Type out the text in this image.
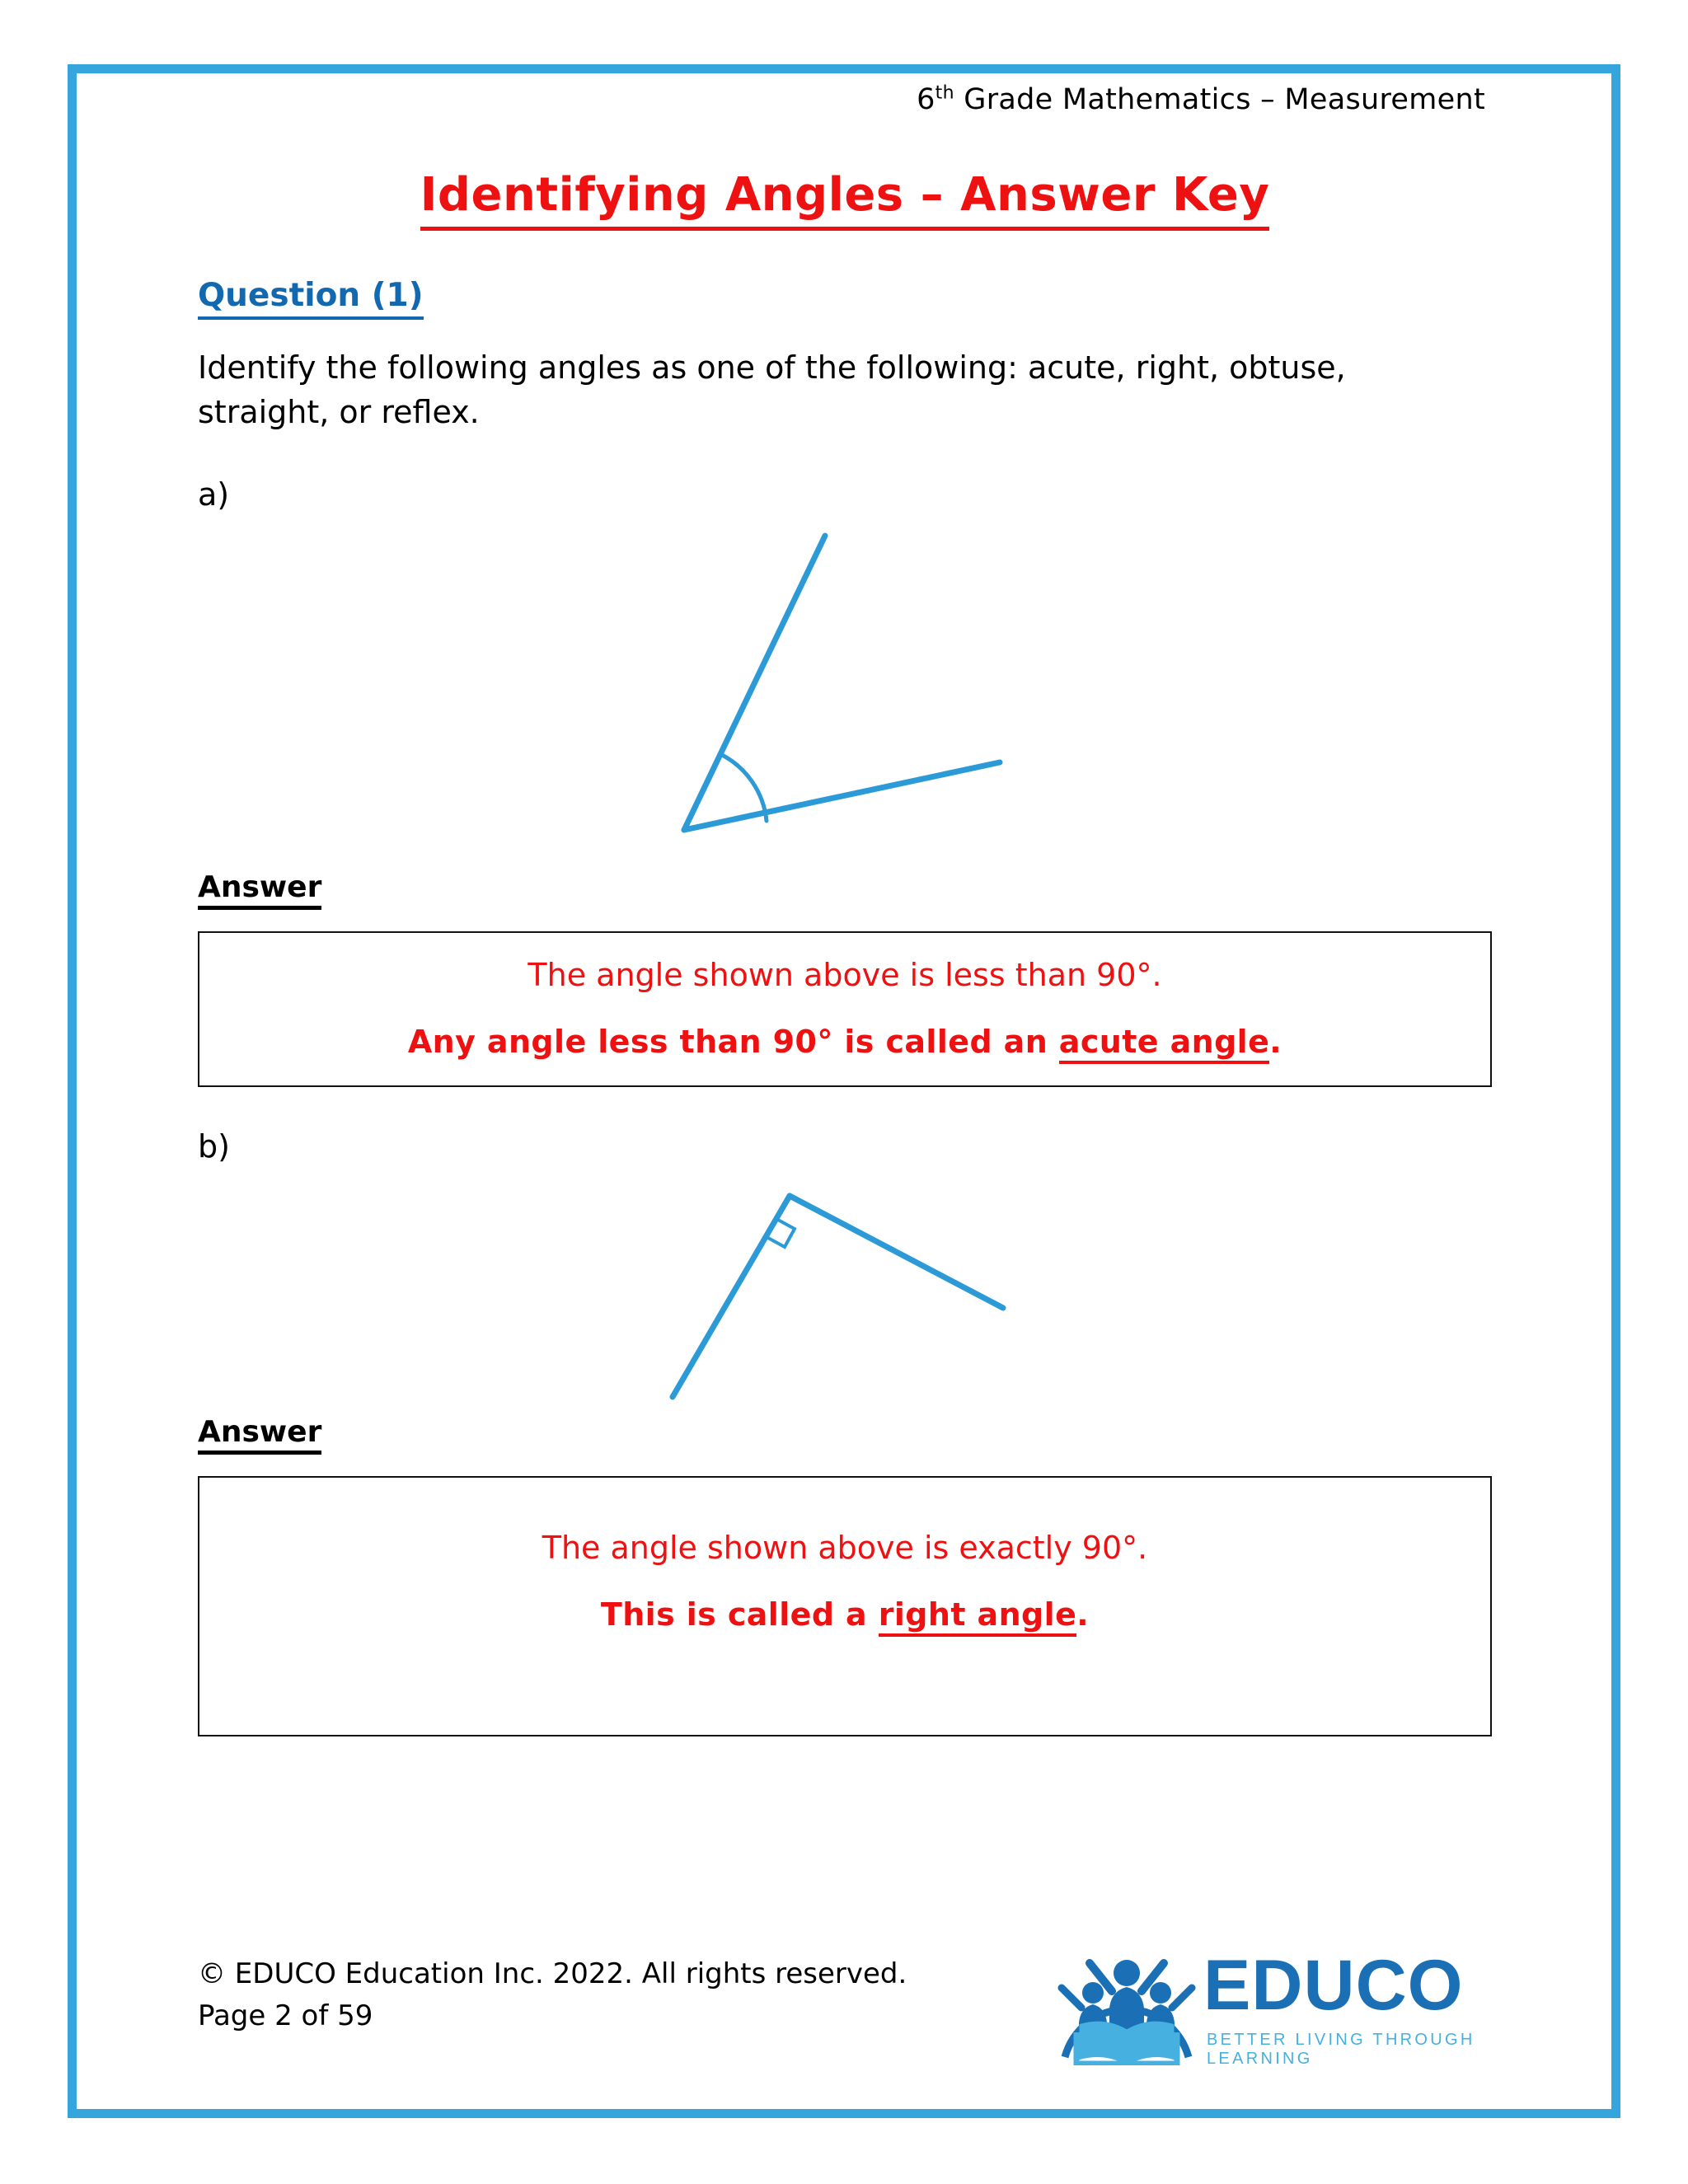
6th Grade Mathematics – Measurement

Identifying Angles – Answer Key
Question (1)

Identify the following angles as one of the following: acute, right, obtuse, straight, or reflex.

a)

Answer

The angle shown above is less than 90°.

Any angle less than 90° is called an acute angle.

b)

Answer

The angle shown above is exactly 90°.

This is called a right angle.

© EDUCO Education Inc. 2022. All rights reserved.

Page 2 of 59	EDUCO
BETTER LIVING THROUGH LEARNING
